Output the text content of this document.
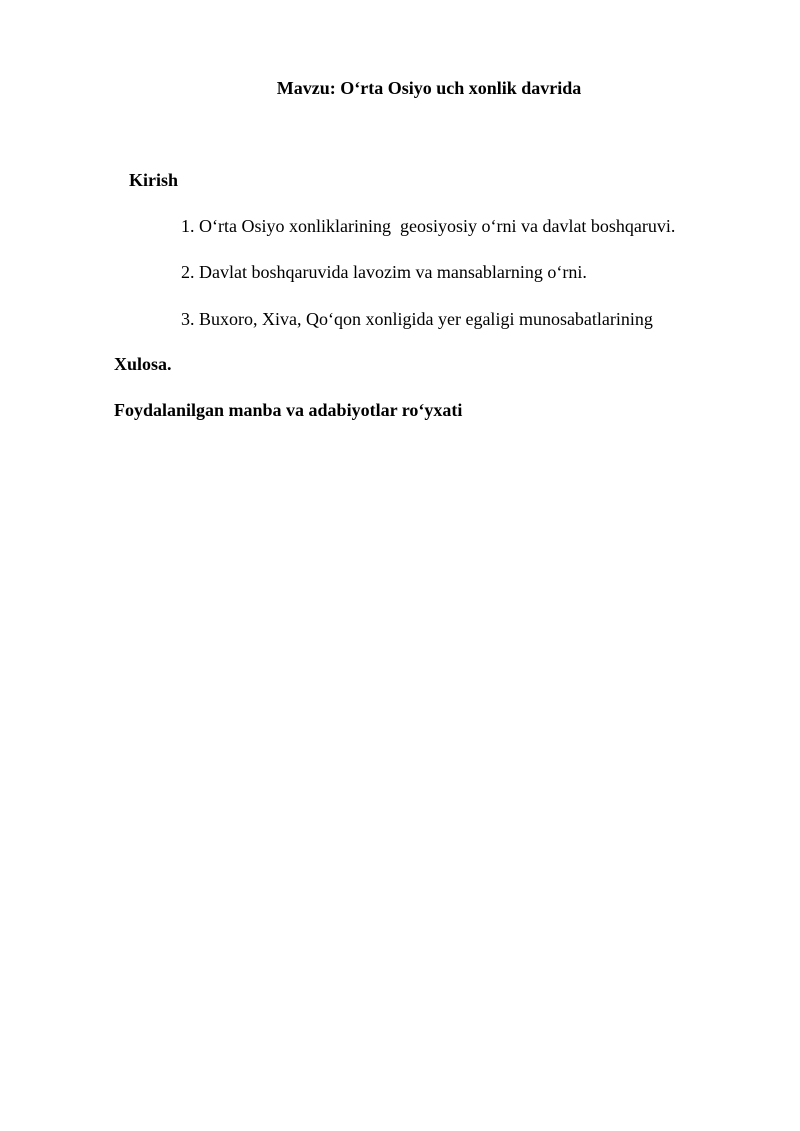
Mavzu: O‘rta Osiyo uch xonlik davrida
Kirish
1. O‘rta Osiyo xonliklarining  geosiyosiy o‘rni va davlat boshqaruvi.
2. Davlat boshqaruvida lavozim va mansablarning o‘rni.
3. Buxoro, Xiva, Qo‘qon xonligida yer egaligi munosabatlarining
Xulosa.
Foydalanilgan manba va adabiyotlar ro‘yxati
